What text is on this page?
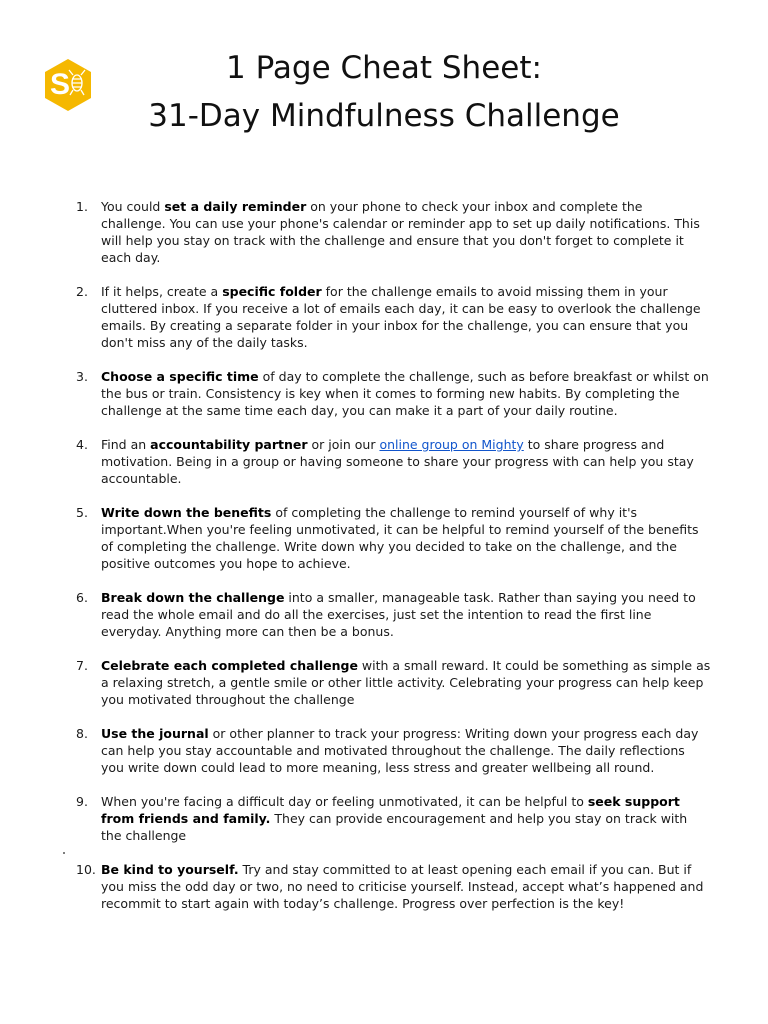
S	1 Page Cheat Sheet:
31-Day Mindfulness Challenge
1. You could set a daily reminder on your phone to check your inbox and complete the challenge. You can use your phone's calendar or reminder app to set up daily notifications. This will help you stay on track with the challenge and ensure that you don't forget to complete it each day.
2. If it helps, create a specific folder for the challenge emails to avoid missing them in your cluttered inbox. If you receive a lot of emails each day, it can be easy to overlook the challenge emails. By creating a separate folder in your inbox for the challenge, you can ensure that you don't miss any of the daily tasks.
3. Choose a specific time of day to complete the challenge, such as before breakfast or whilst on the bus or train. Consistency is key when it comes to forming new habits. By completing the challenge at the same time each day, you can make it a part of your daily routine.
4. Find an accountability partner or join our online group on Mighty to share progress and motivation. Being in a group or having someone to share your progress with can help you stay accountable.
5. Write down the benefits of completing the challenge to remind yourself of why it's important.When you're feeling unmotivated, it can be helpful to remind yourself of the benefits of completing the challenge. Write down why you decided to take on the challenge, and the positive outcomes you hope to achieve.
6. Break down the challenge into a smaller, manageable task. Rather than saying you need to read the whole email and do all the exercises, just set the intention to read the first line everyday. Anything more can then be a bonus.
7. Celebrate each completed challenge with a small reward. It could be something as simple as a relaxing stretch, a gentle smile or other little activity. Celebrating your progress can help keep you motivated throughout the challenge
8. Use the journal or other planner to track your progress: Writing down your progress each day can help you stay accountable and motivated throughout the challenge. The daily reflections you write down could lead to more meaning, less stress and greater wellbeing all round.
9. When you're facing a difficult day or feeling unmotivated, it can be helpful to seek support from friends and family. They can provide encouragement and help you stay on track with the challenge
10. Be kind to yourself. Try and stay committed to at least opening each email if you can. But if you miss the odd day or two, no need to criticise yourself. Instead, accept what’s happened and recommit to start again with today’s challenge. Progress over perfection is the key!
